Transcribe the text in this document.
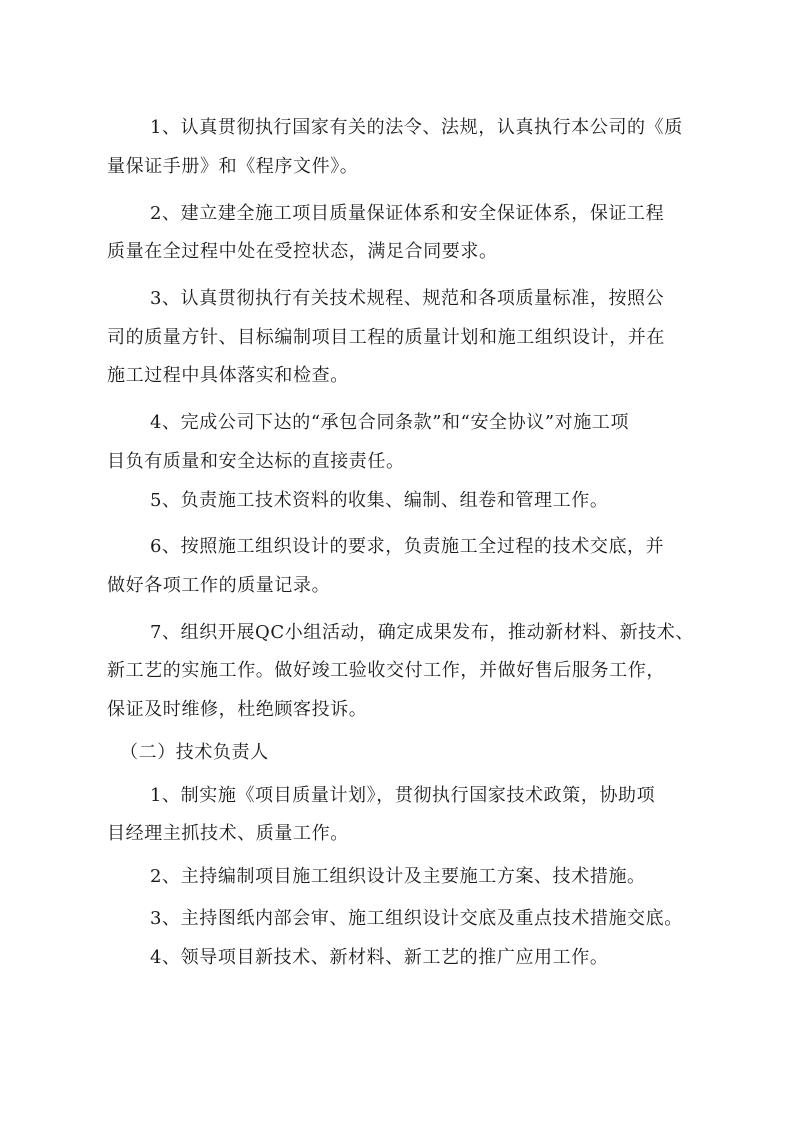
1、认真贯彻执行国家有关的法令、法规，认真执行本公司的《质
量保证手册》和《程序文件》。
2、建立建全施工项目质量保证体系和安全保证体系，保证工程
质量在全过程中处在受控状态，满足合同要求。
3、认真贯彻执行有关技术规程、规范和各项质量标准，按照公
司的质量方针、目标编制项目工程的质量计划和施工组织设计，并在
施工过程中具体落实和检查。
4、完成公司下达的“承包合同条款”和“安全协议”对施工项
目负有质量和安全达标的直接责任。
5、负责施工技术资料的收集、编制、组卷和管理工作。
6、按照施工组织设计的要求，负责施工全过程的技术交底，并
做好各项工作的质量记录。
7、组织开展QC小组活动，确定成果发布，推动新材料、新技术、
新工艺的实施工作。做好竣工验收交付工作，并做好售后服务工作，
保证及时维修，杜绝顾客投诉。
（二）技术负责人
1、制实施《项目质量计划》，贯彻执行国家技术政策，协助项
目经理主抓技术、质量工作。
2、主持编制项目施工组织设计及主要施工方案、技术措施。
3、主持图纸内部会审、施工组织设计交底及重点技术措施交底。
4、领导项目新技术、新材料、新工艺的推广应用工作。
